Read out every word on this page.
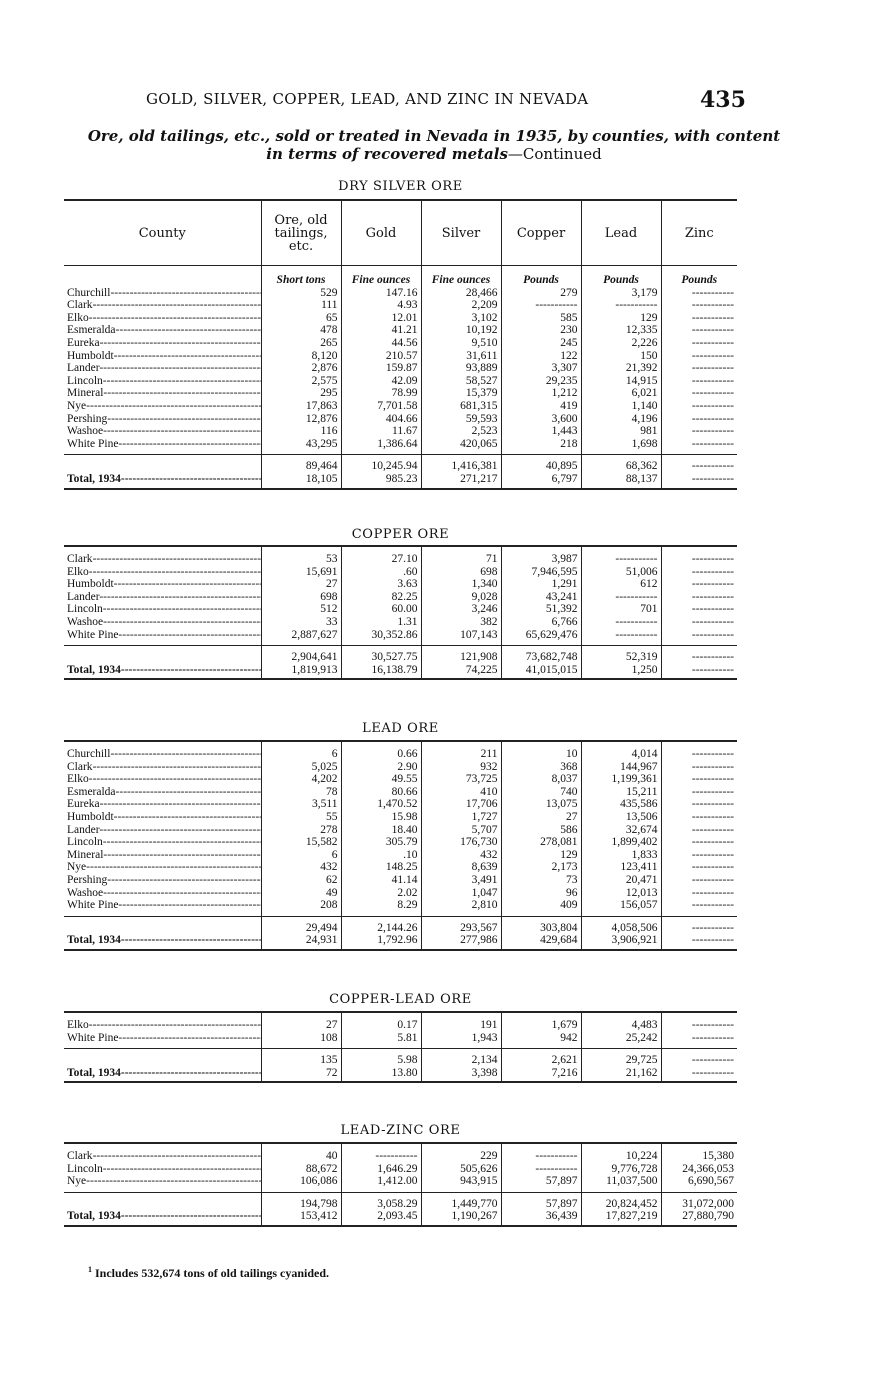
GOLD, SILVER, COPPER, LEAD, AND ZINC IN NEVADA	435
Ore, old tailings, etc., sold or treated in Nevada in 1935, by counties, with content
in terms of recovered metals—Continued
DRY SILVER ORE
County	Ore, old tailings, etc.	Gold	Silver	Copper	Lead	Zinc
	Short tons	Fine ounces	Fine ounces	Pounds	Pounds	Pounds
Churchill -----	529	147.16	28,466	279	3,179	-----------
Clark -----	111	4.93	2,209	-----------	-----------	-----------
Elko -----	65	12.01	3,102	585	129	-----------
Esmeralda -----	478	41.21	10,192	230	12,335	-----------
Eureka -----	265	44.56	9,510	245	2,226	-----------
Humboldt -----	8,120	210.57	31,611	122	150	-----------
Lander -----	2,876	159.87	93,889	3,307	21,392	-----------
Lincoln -----	2,575	42.09	58,527	29,235	14,915	-----------
Mineral -----	295	78.99	15,379	1,212	6,021	-----------
Nye -----	17,863	7,701.58	681,315	419	1,140	-----------
Pershing -----	12,876	404.66	59,593	3,600	4,196	-----------
Washoe -----	116	11.67	2,523	1,443	981	-----------
White Pine -----	43,295	1,386.64	420,065	218	1,698	-----------

	89,464	10,245.94	1,416,381	40,895	68,362	-----------
Total, 1934 -----	18,105	985.23	271,217	6,797	88,137	-----------

COPPER ORE

Clark -----	53	27.10	71	3,987	-----------	-----------
Elko -----	15,691	.60	698	7,946,595	51,006	-----------
Humboldt -----	27	3.63	1,340	1,291	612	-----------
Lander -----	698	82.25	9,028	43,241	-----------	-----------
Lincoln -----	512	60.00	3,246	51,392	701	-----------
Washoe -----	33	1.31	382	6,766	-----------	-----------
White Pine -----	2,887,627	30,352.86	107,143	65,629,476	-----------	-----------

	2,904,641	30,527.75	121,908	73,682,748	52,319	-----------
Total, 1934 -----	1,819,913	16,138.79	74,225	41,015,015	1,250	-----------

LEAD ORE

Churchill -----	6	0.66	211	10	4,014	-----------
Clark -----	5,025	2.90	932	368	144,967	-----------
Elko -----	4,202	49.55	73,725	8,037	1,199,361	-----------
Esmeralda -----	78	80.66	410	740	15,211	-----------
Eureka -----	3,511	1,470.52	17,706	13,075	435,586	-----------
Humboldt -----	55	15.98	1,727	27	13,506	-----------
Lander -----	278	18.40	5,707	586	32,674	-----------
Lincoln -----	15,582	305.79	176,730	278,081	1,899,402	-----------
Mineral -----	6	.10	432	129	1,833	-----------
Nye -----	432	148.25	8,639	2,173	123,411	-----------
Pershing -----	62	41.14	3,491	73	20,471	-----------
Washoe -----	49	2.02	1,047	96	12,013	-----------
White Pine -----	208	8.29	2,810	409	156,057	-----------

	29,494	2,144.26	293,567	303,804	4,058,506	-----------
Total, 1934 -----	24,931	1,792.96	277,986	429,684	3,906,921	-----------

COPPER-LEAD ORE

Elko -----	27	0.17	191	1,679	4,483	-----------
White Pine -----	108	5.81	1,943	942	25,242	-----------

	135	5.98	2,134	2,621	29,725	-----------
Total, 1934 -----	72	13.80	3,398	7,216	21,162	-----------

LEAD-ZINC ORE

Clark -----	40	-----------	229	-----------	10,224	15,380
Lincoln -----	88,672	1,646.29	505,626	-----------	9,776,728	24,366,053
Nye -----	106,086	1,412.00	943,915	57,897	11,037,500	6,690,567

	194,798	3,058.29	1,449,770	57,897	20,824,452	31,072,000
Total, 1934 -----	153,412	2,093.45	1,190,267	36,439	17,827,219	27,880,790

$^1$ Includes 532,674 tons of old tailings cyanided.
